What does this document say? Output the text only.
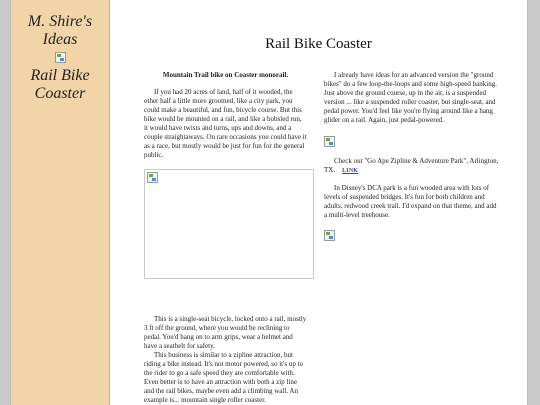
M. Shire's Ideas
Rail Bike Coaster
Rail Bike Coaster

Mountain Trail bike on Coaster monorail.

If you had 20 acres of land, half of it wooded, the other half a little more groomed, like a city park, you could make a beautiful, and fun, bicycle course. But this bike would be mounted on a rail, and like a bobsled run, it would have twists and turns, ups and downs, and a couple straightaways. On rare occasions you could have it as a race, but mostly would be just for fun for the general public.

This is a single-seat bicycle, locked onto a rail, mostly 3 ft off the ground, where you would be reclining to pedal. You'd hang on to arm grips, wear a helmet and have a seatbelt for safety.

This business is similar to a zipline attraction, but riding a bike instead. It's not motor powered, so it's up to the rider to go a safe speed they are comfortable with. Even better is to have an attraction with both a zip line and the rail bikes, maybe even add a climbing wall. An example is... mountain single roller coaster.

I already have ideas for an advanced version the "ground bikes" do a few loop-the-loops and some high-speed banking. Just above the ground course, up in the air, is a suspended version ... like a suspended roller coaster, but single-seat, and pedal power. You'd feel like you're flying around like a hang glider on a rail. Again, just pedal-powered.

Check out "Go Ape Zipline & Adventure Park", Arlington, TX. LINK

In Disney's DCA park is a fun wooded area with lots of levels of suspended bridges. It's fun for both children and adults. redwood creek trail. I'd expand on that theme, and add a multi-level treehouse.
